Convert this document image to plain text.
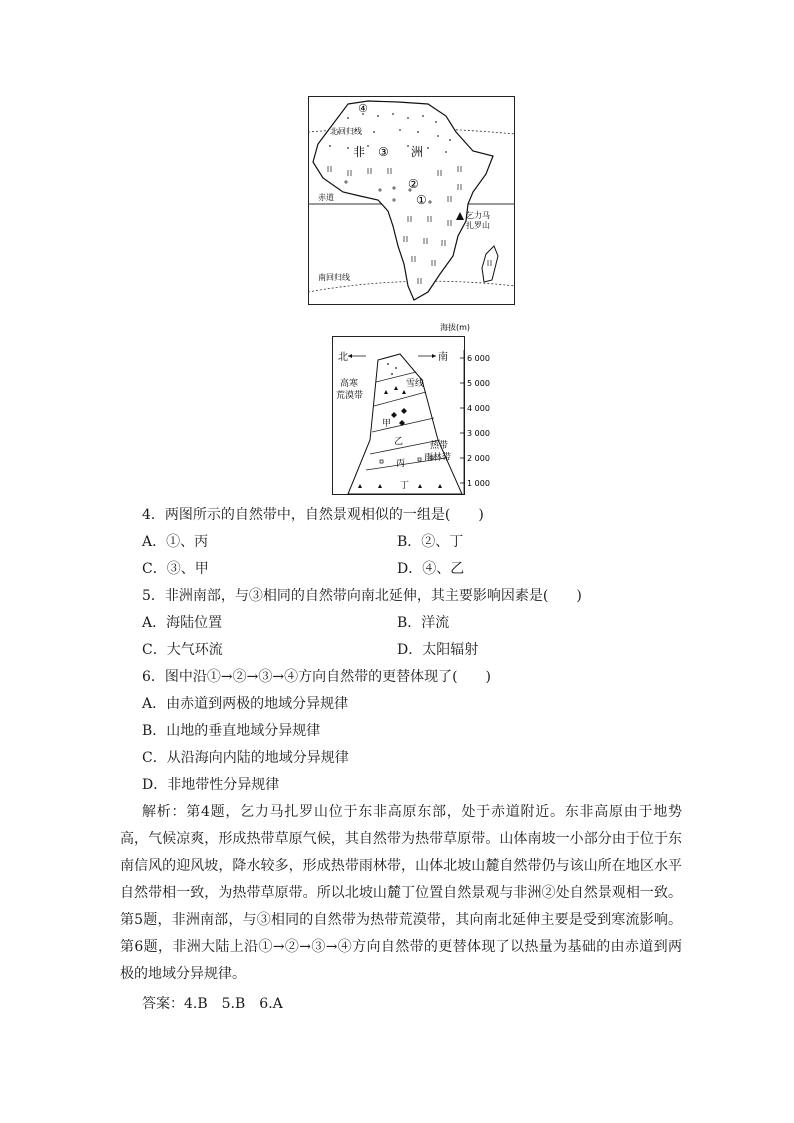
北回归线
赤道
南回归线
非	洲
③
④
②
①
乞力马
扎罗山
海拔(m)
6 000
5 000
4 000
3 000
2 000
1 000
北	南
高寒
荒漠带
雪线
甲
乙
丙
丁
热带
雨林带
4．两图所示的自然带中，自然景观相似的一组是(　　)
A．①、丙	B．②、丁
C．③、甲	D．④、乙
5．非洲南部，与③相同的自然带向南北延伸，其主要影响因素是(　　)
A．海陆位置	B．洋流
C．大气环流	D．太阳辐射
6．图中沿①→②→③→④方向自然带的更替体现了(　　)
A．由赤道到两极的地域分异规律
B．山地的垂直地域分异规律
C．从沿海向内陆的地域分异规律
D．非地带性分异规律
解析：第4题，乞力马扎罗山位于东非高原东部，处于赤道附近。东非高原由于地势高，气候凉爽，形成热带草原气候，其自然带为热带草原带。山体南坡一小部分由于位于东南信风的迎风坡，降水较多，形成热带雨林带，山体北坡山麓自然带仍与该山所在地区水平自然带相一致，为热带草原带。所以北坡山麓丁位置自然景观与非洲②处自然景观相一致。第5题，非洲南部，与③相同的自然带为热带荒漠带，其向南北延伸主要是受到寒流影响。第6题，非洲大陆上沿①→②→③→④方向自然带的更替体现了以热量为基础的由赤道到两极的地域分异规律。
答案：4.B　5.B　6.A
